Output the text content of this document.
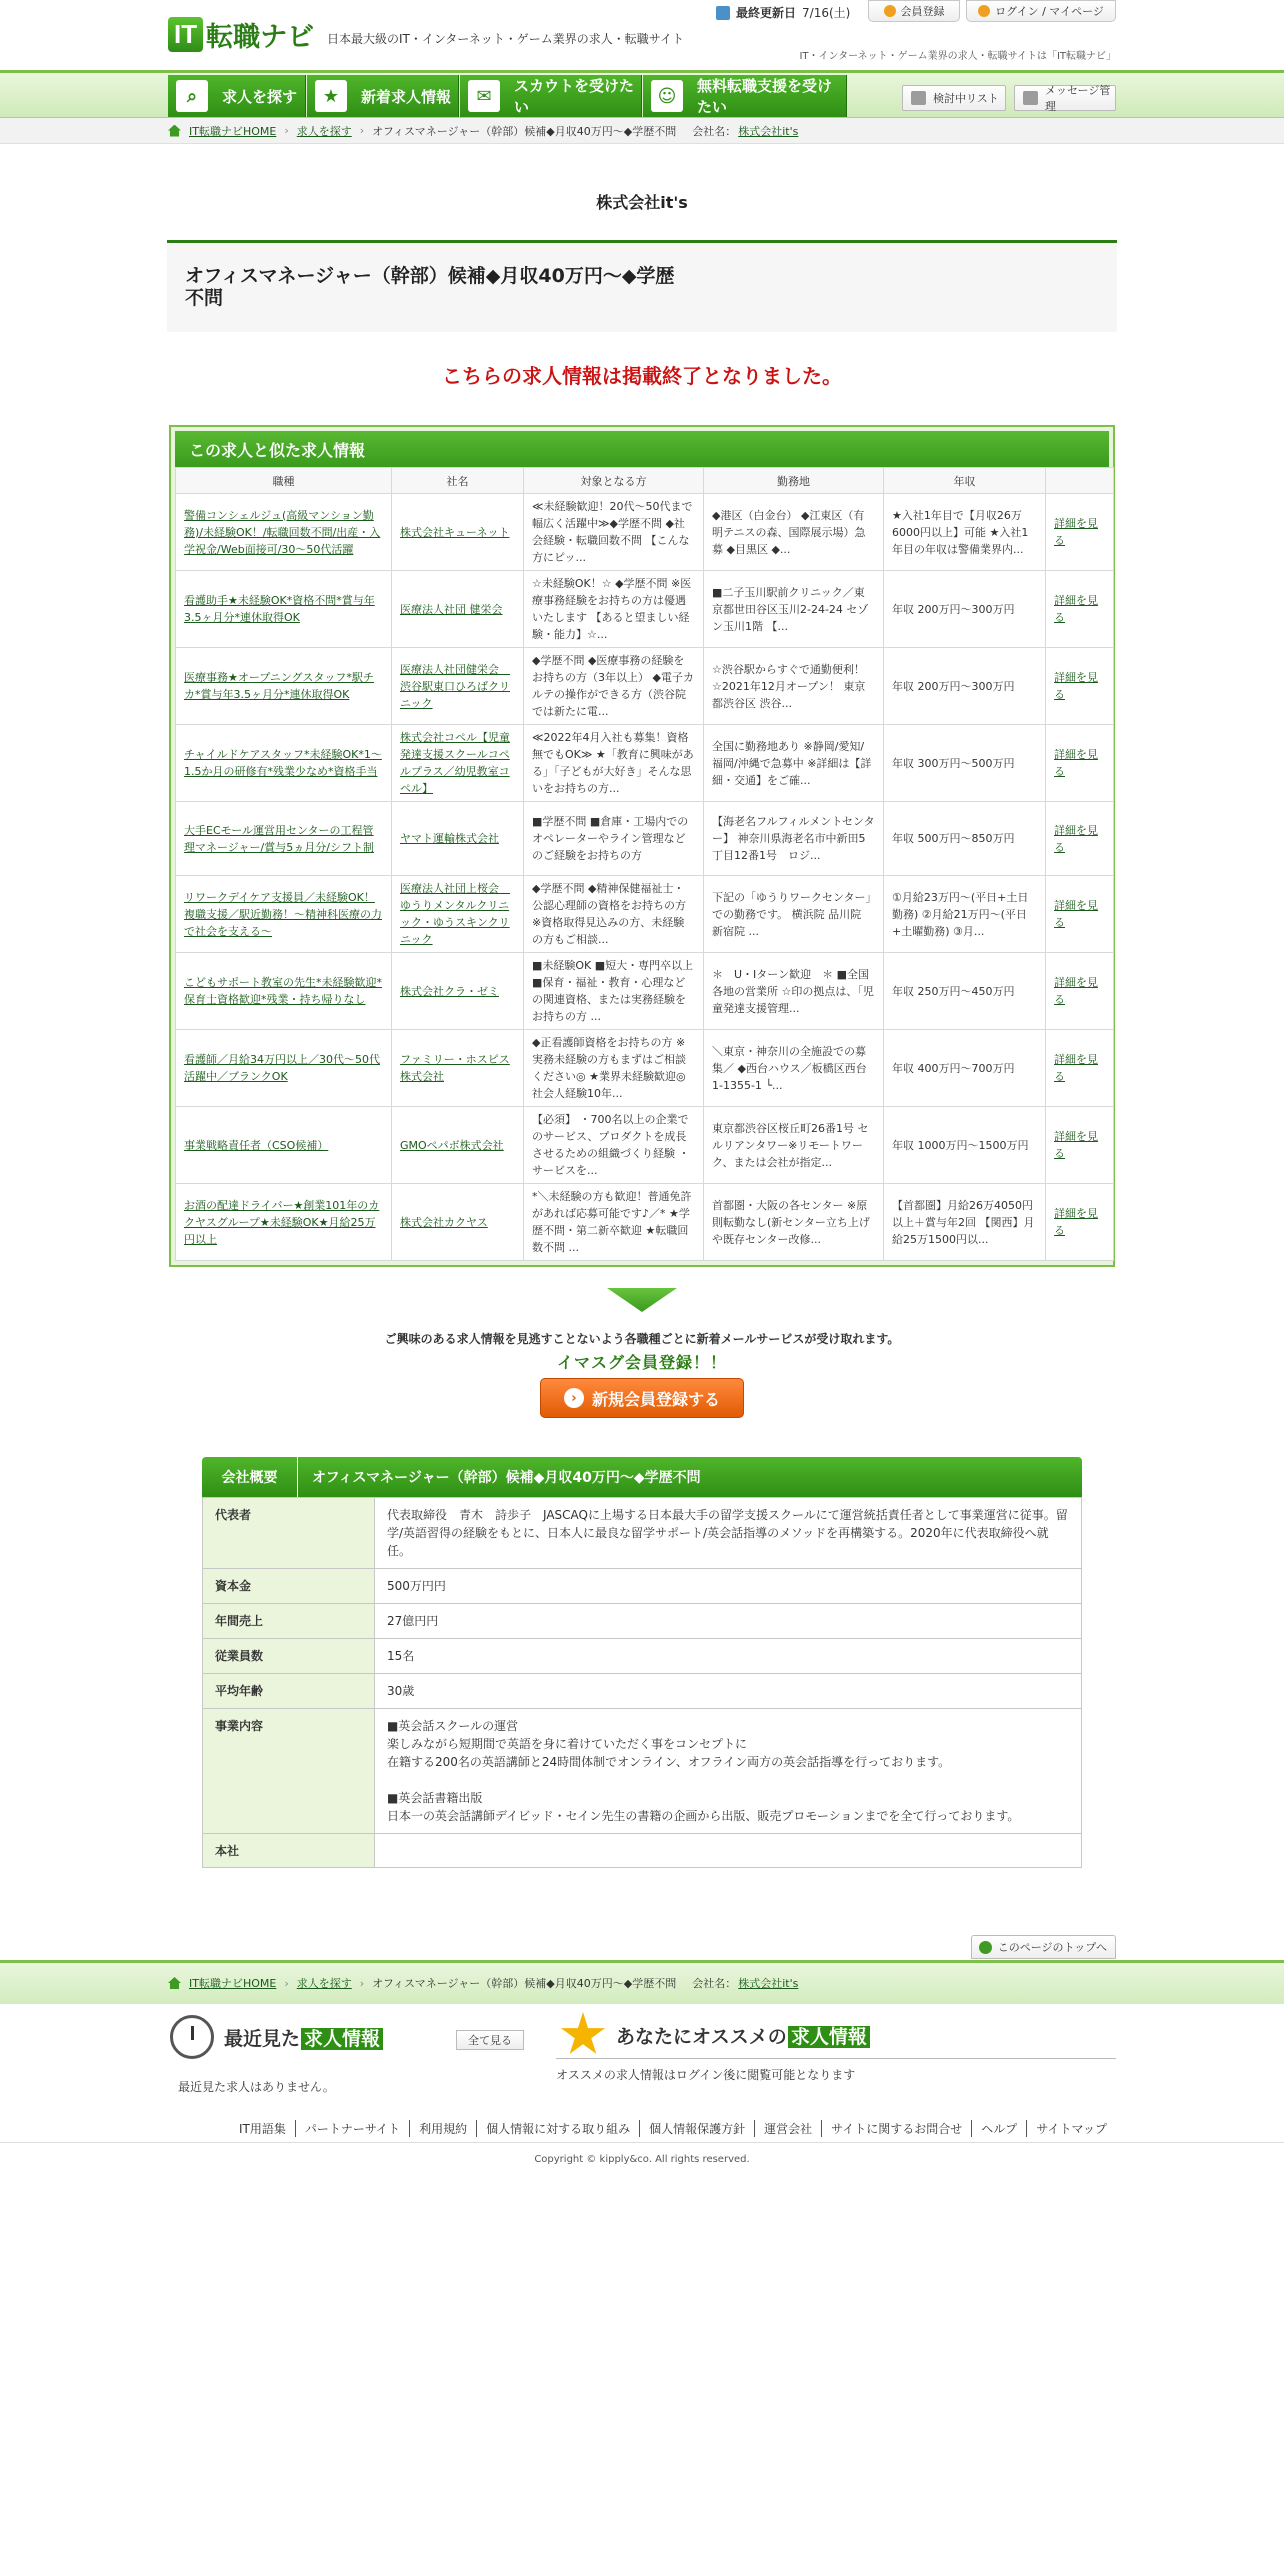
IT 転職ナビ 日本最大級のIT・インターネット・ゲーム業界の求人・転職サイト
最終更新日 7/16(土)	会員登録	ログイン / マイページ
IT・インターネット・ゲーム業界の求人・転職サイトは「IT転職ナビ」
⌕	求人を探す	★	新着求人情報	✉	スカウトを受けたい
☺	無料転職支援を受けたい	検討中リスト
メッセージ管理
IT転職ナビHOME › 求人を探す › オフィスマネージャー（幹部）候補◆月収40万円～◆学歴不問 会社名： 株式会社it's
株式会社it's
オフィスマネージャー（幹部）候補◆月収40万円～◆学歴不問
こちらの求人情報は掲載終了となりました。
この求人と似た求人情報
職種	社名	対象となる方	勤務地	年収	
警備コンシェルジュ(高級マンション勤務)/未経験OK！/転職回数不問/出産・入学祝金/Web面接可/30～50代活躍	株式会社キューネット	≪未経験歓迎！20代～50代まで幅広く活躍中≫◆学歴不問 ◆社会経験・転職回数不問 【こんな方にピッ...	◆港区（白金台） ◆江東区（有明テニスの森、国際展示場）急募 ◆目黒区 ◆...	★入社1年目で【月収26万6000円以上】可能 ★入社1年目の年収は警備業界内...	詳細を見る
看護助手★未経験OK*資格不問*賞与年3.5ヶ月分*連休取得OK	医療法人社団 健栄会	☆未経験OK！☆ ◆学歴不問 ※医療事務経験をお持ちの方は優遇いたします 【あると望ましい経験・能力】☆...	■二子玉川駅前クリニック／東京都世田谷区玉川2-24-24 セゾン玉川1階 【...	年収 200万円～300万円	詳細を見る
医療事務★オープニングスタッフ*駅チカ*賞与年3.5ヶ月分*連休取得OK	医療法人社団健栄会　渋谷駅東口ひろばクリニック	◆学歴不問 ◆医療事務の経験をお持ちの方（3年以上） ◆電子カルテの操作ができる方（渋谷院では新たに電...	☆渋谷駅からすぐで通勤便利！☆2021年12月オープン！ 東京都渋谷区 渋谷...	年収 200万円～300万円	詳細を見る
チャイルドケアスタッフ*未経験OK*1～1.5か月の研修有*残業少なめ*資格手当	株式会社コペル【児童発達支援スクールコペルプラス／幼児教室コペル】	≪2022年4月入社も募集！資格無でもOK≫ ★「教育に興味がある」「子どもが大好き」そんな思いをお持ちの方...	全国に勤務地あり ※静岡/愛知/福岡/沖縄で急募中 ※詳細は【詳細・交通】をご確...	年収 300万円～500万円	詳細を見る
大手ECモール運営用センターの工程管理マネージャー/賞与5ヵ月分/シフト制	ヤマト運輸株式会社	■学歴不問 ■倉庫・工場内でのオペレーターやライン管理などのご経験をお持ちの方	【海老名フルフィルメントセンター】 神奈川県海老名市中新田5丁目12番1号　ロジ...	年収 500万円～850万円	詳細を見る
リワークデイケア支援員／未経験OK！複職支援／駅近勤務！～精神科医療の力で社会を支える～	医療法人社団上桜会　ゆうりメンタルクリニック・ゆうスキンクリニック	◆学歴不問 ◆精神保健福祉士・公認心理師の資格をお持ちの方 ※資格取得見込みの方、未経験の方もご相談...	下記の「ゆうりワークセンター」での勤務です。 横浜院 品川院 新宿院 ...	①月給23万円～(平日+土日勤務) ②月給21万円～(平日+土曜勤務) ③月...	詳細を見る
こどもサポート教室の先生*未経験歓迎*保育士資格歓迎*残業・持ち帰りなし	株式会社クラ・ゼミ	■未経験OK ■短大・専門卒以上 ■保育・福祉・教育・心理などの関連資格、または実務経験をお持ちの方 ...	＊　U・Iターン歓迎　＊ ■全国各地の営業所 ☆印の拠点は、「児童発達支援管理...	年収 250万円～450万円	詳細を見る
看護師／月給34万円以上／30代～50代活躍中／ブランクOK	ファミリー・ホスピス株式会社	◆正看護師資格をお持ちの方 ※実務未経験の方もまずはご相談ください◎ ★業界未経験歓迎◎社会人経験10年...	＼東京・神奈川の全施設での募集／ ◆西台ハウス／板橋区西台1-1355-1 └...	年収 400万円～700万円	詳細を見る
事業戦略責任者（CSO候補）	GMOペパボ株式会社	【必須】 ・700名以上の企業でのサービス、プロダクトを成長させるための組織づくり経験 ・サービスを...	東京都渋谷区桜丘町26番1号 セルリアンタワー※リモートワーク、または会社が指定...	年収 1000万円～1500万円	詳細を見る
お酒の配達ドライバー★創業101年のカクヤスグループ★未経験OK★月給25万円以上	株式会社カクヤス	*＼未経験の方も歓迎！普通免許があれば応募可能です♪／* ★学歴不問・第二新卒歓迎 ★転職回数不問 ...	首都圏・大阪の各センター ※原則転勤なし(新センター立ち上げや既存センター改修...	【首都圏】月給26万4050円以上＋賞与年2回 【関西】月給25万1500円以...	詳細を見る
ご興味のある求人情報を見逃すことないよう各職種ごとに新着メールサービスが受け取れます。
イマスグ会員登録！！
› 新規会員登録する
会社概要	オフィスマネージャー（幹部）候補◆月収40万円～◆学歴不問
代表者	代表取締役　青木　詩歩子　JASCAQに上場する日本最大手の留学支援スクールにて運営統括責任者として事業運営に従事。留学/英語習得の経験をもとに、日本人に最良な留学サポート/英会話指導のメソッドを再構築する。2020年に代表取締役へ就任。
資本金	500万円円
年間売上	27億円円
従業員数	15名
平均年齢	30歳
事業内容	■英会話スクールの運営
楽しみながら短期間で英語を身に着けていただく事をコンセプトに
在籍する200名の英語講師と24時間体制でオンライン、オフライン両方の英会話指導を行っております。

■英会話書籍出版
日本一の英会話講師デイビッド・セイン先生の書籍の企画から出版、販売プロモーションまでを全て行っております。
本社	
このページのトップへ
IT転職ナビHOME › 求人を探す › オフィスマネージャー（幹部）候補◆月収40万円～◆学歴不問 会社名： 株式会社it's
最近見た 求人情報	全て見る
最近見た求人はありません。
あなたにオススメの 求人情報
オススメの求人情報はログイン後に閲覧可能となります
IT用語集	パートナーサイト	利用規約	個人情報に対する取り組み	個人情報保護方針	運営会社	サイトに関するお問合せ	ヘルプ	サイトマップ
Copyright © kipply&co. All rights reserved.
